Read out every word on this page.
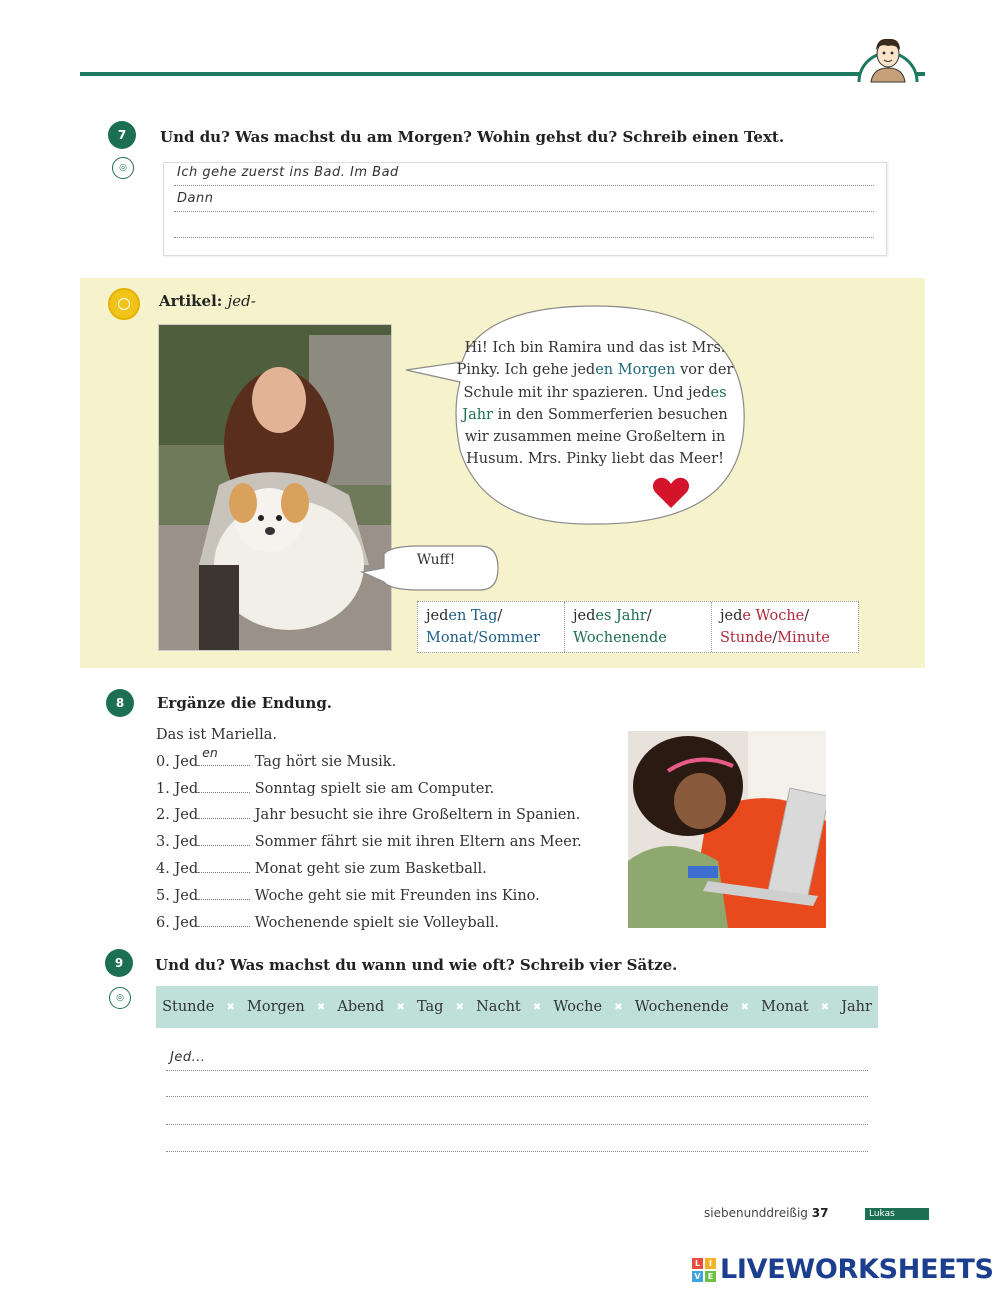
7
◎
Und du? Was machst du am Morgen? Wohin gehst du? Schreib einen Text.
Ich gehe zuerst ins Bad. Im Bad
Dann
Artikel: jed-
Hi! Ich bin Ramira und das ist Mrs. Pinky. Ich gehe jeden Morgen vor der Schule mit ihr spazieren. Und jedes Jahr in den Sommerferien besuchen wir zusammen meine Großeltern in Husum. Mrs. Pinky liebt das Meer!
Wuff!
jeden Tag/
Monat/Sommer
jedes Jahr/
Wochenende
jede Woche/
Stunde/Minute
8	Ergänze die Endung.
Das ist Mariella.
0. Jed
en
Tag hört sie Musik.
1. Jed	Sonntag spielt sie am Computer.
2. Jed	Jahr besucht sie ihre Großeltern in Spanien.
3. Jed	Sommer fährt sie mit ihren Eltern ans Meer.
4. Jed	Monat geht sie zum Basketball.
5. Jed	Woche geht sie mit Freunden ins Kino.
6. Jed	Wochenende spielt sie Volleyball.
9
◎
Und du? Was machst du wann und wie oft? Schreib vier Sätze.
Stunde ✖ Morgen ✖ Abend ✖ Tag ✖ Nacht ✖ Woche ✖ Wochenende ✖ Monat ✖ Jahr
Jed...
siebenunddreißig 37	Lukas
L	I
V E LIVEWORKSHEETS
